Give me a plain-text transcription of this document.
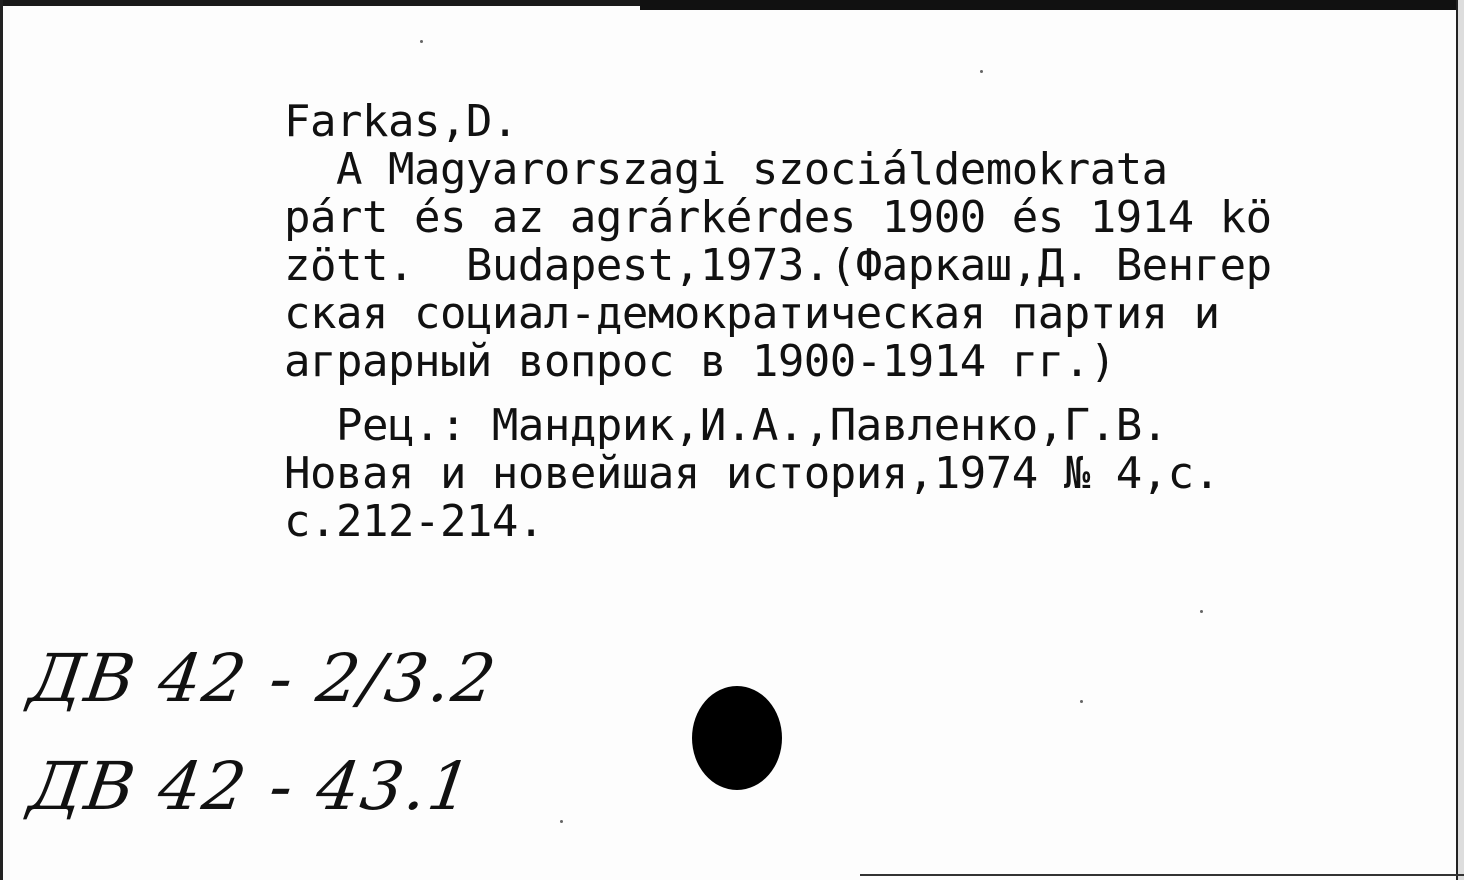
Farkas,D.
A Magyarorszagi szociáldemokrata
párt és az agrárkérdes 1900 és 1914 kö
zött.  Budapest,1973.(Фаркаш,Д. Венгер
ская социал-демократическая партия и
аграрный вопрос в 1900-1914 гг.)
Рец.: Мандрик,И.А.,Павленко,Г.В.
Новая и новейшая история,1974 № 4,с.
с.212-214.
ДВ 42 - 2/3.2
ДВ 42 - 43.1
